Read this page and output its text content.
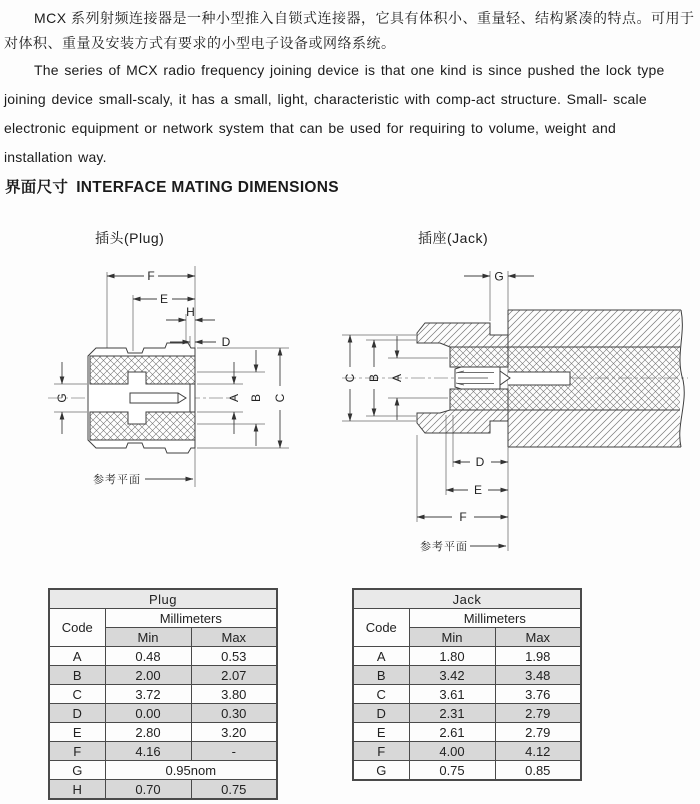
MCX 系列射频连接器是一种小型推入自锁式连接器，它具有体积小、重量轻、结构紧凑的特点。可用于
对体积、重量及安装方式有要求的小型电子设备或网络系统。
The series of MCX radio frequency joining device is that one kind is since pushed the lock type
joining device small-scaly, it has a small, light, characteristic with comp-act structure. Small- scale
electronic equipment or network system that can be used for requiring to volume, weight and
installation way.
界面尺寸 INTERFACE MATING DIMENSIONS
插头(Plug)	插座(Jack)
F
E
H
D
G	A B C
参考平面
G
C B A
D
E
F
参考平面
Plug		
Code	Millimeters	
	Min	Max
A	0.48	0.53
B	2.00	2.07
C	3.72	3.80
D	0.00	0.30
E	2.80	3.20
F	4.16	-
G	0.95nom	
H	0.70	0.75
Jack		
Code	Millimeters	
	Min	Max
A	1.80	1.98
B	3.42	3.48
C	3.61	3.76
D	2.31	2.79
E	2.61	2.79
F	4.00	4.12
G	0.75	0.85
